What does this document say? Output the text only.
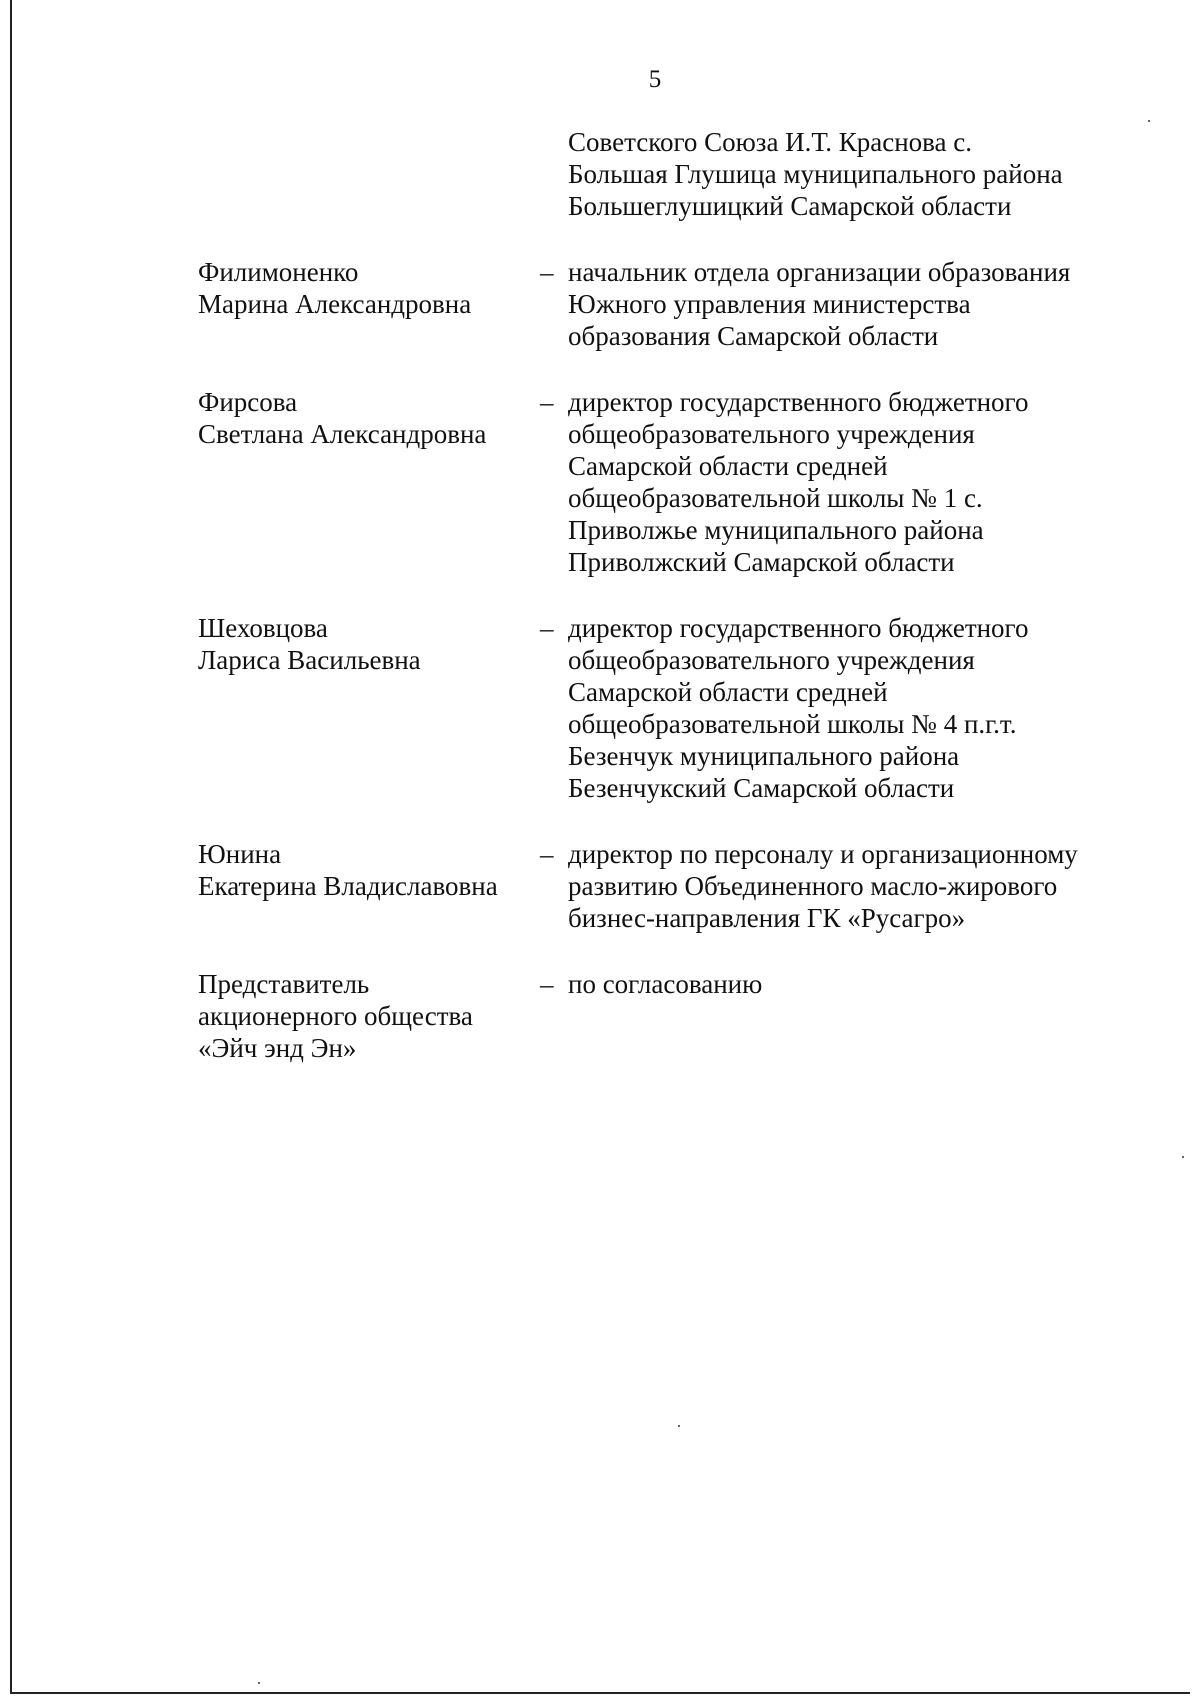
5
Советского Союза И.Т. Краснова с.
Большая Глушица муниципального района
Большеглушицкий Самарской области
Филимоненко
Марина Александровна
– начальник отдела организации образования
Южного управления министерства
образования Самарской области
Фирсова
Светлана Александровна
– директор государственного бюджетного
общеобразовательного учреждения
Самарской области средней
общеобразовательной школы № 1 с.
Приволжье муниципального района
Приволжский Самарской области
Шеховцова
Лариса Васильевна
– директор государственного бюджетного
общеобразовательного учреждения
Самарской области средней
общеобразовательной школы № 4 п.г.т.
Безенчук муниципального района
Безенчукский Самарской области
Юнина
Екатерина Владиславовна
– директор по персоналу и организационному
развитию Объединенного масло-жирового
бизнес-направления ГК «Русагро»
Представитель
акционерного общества
«Эйч энд Эн»
– по согласованию
